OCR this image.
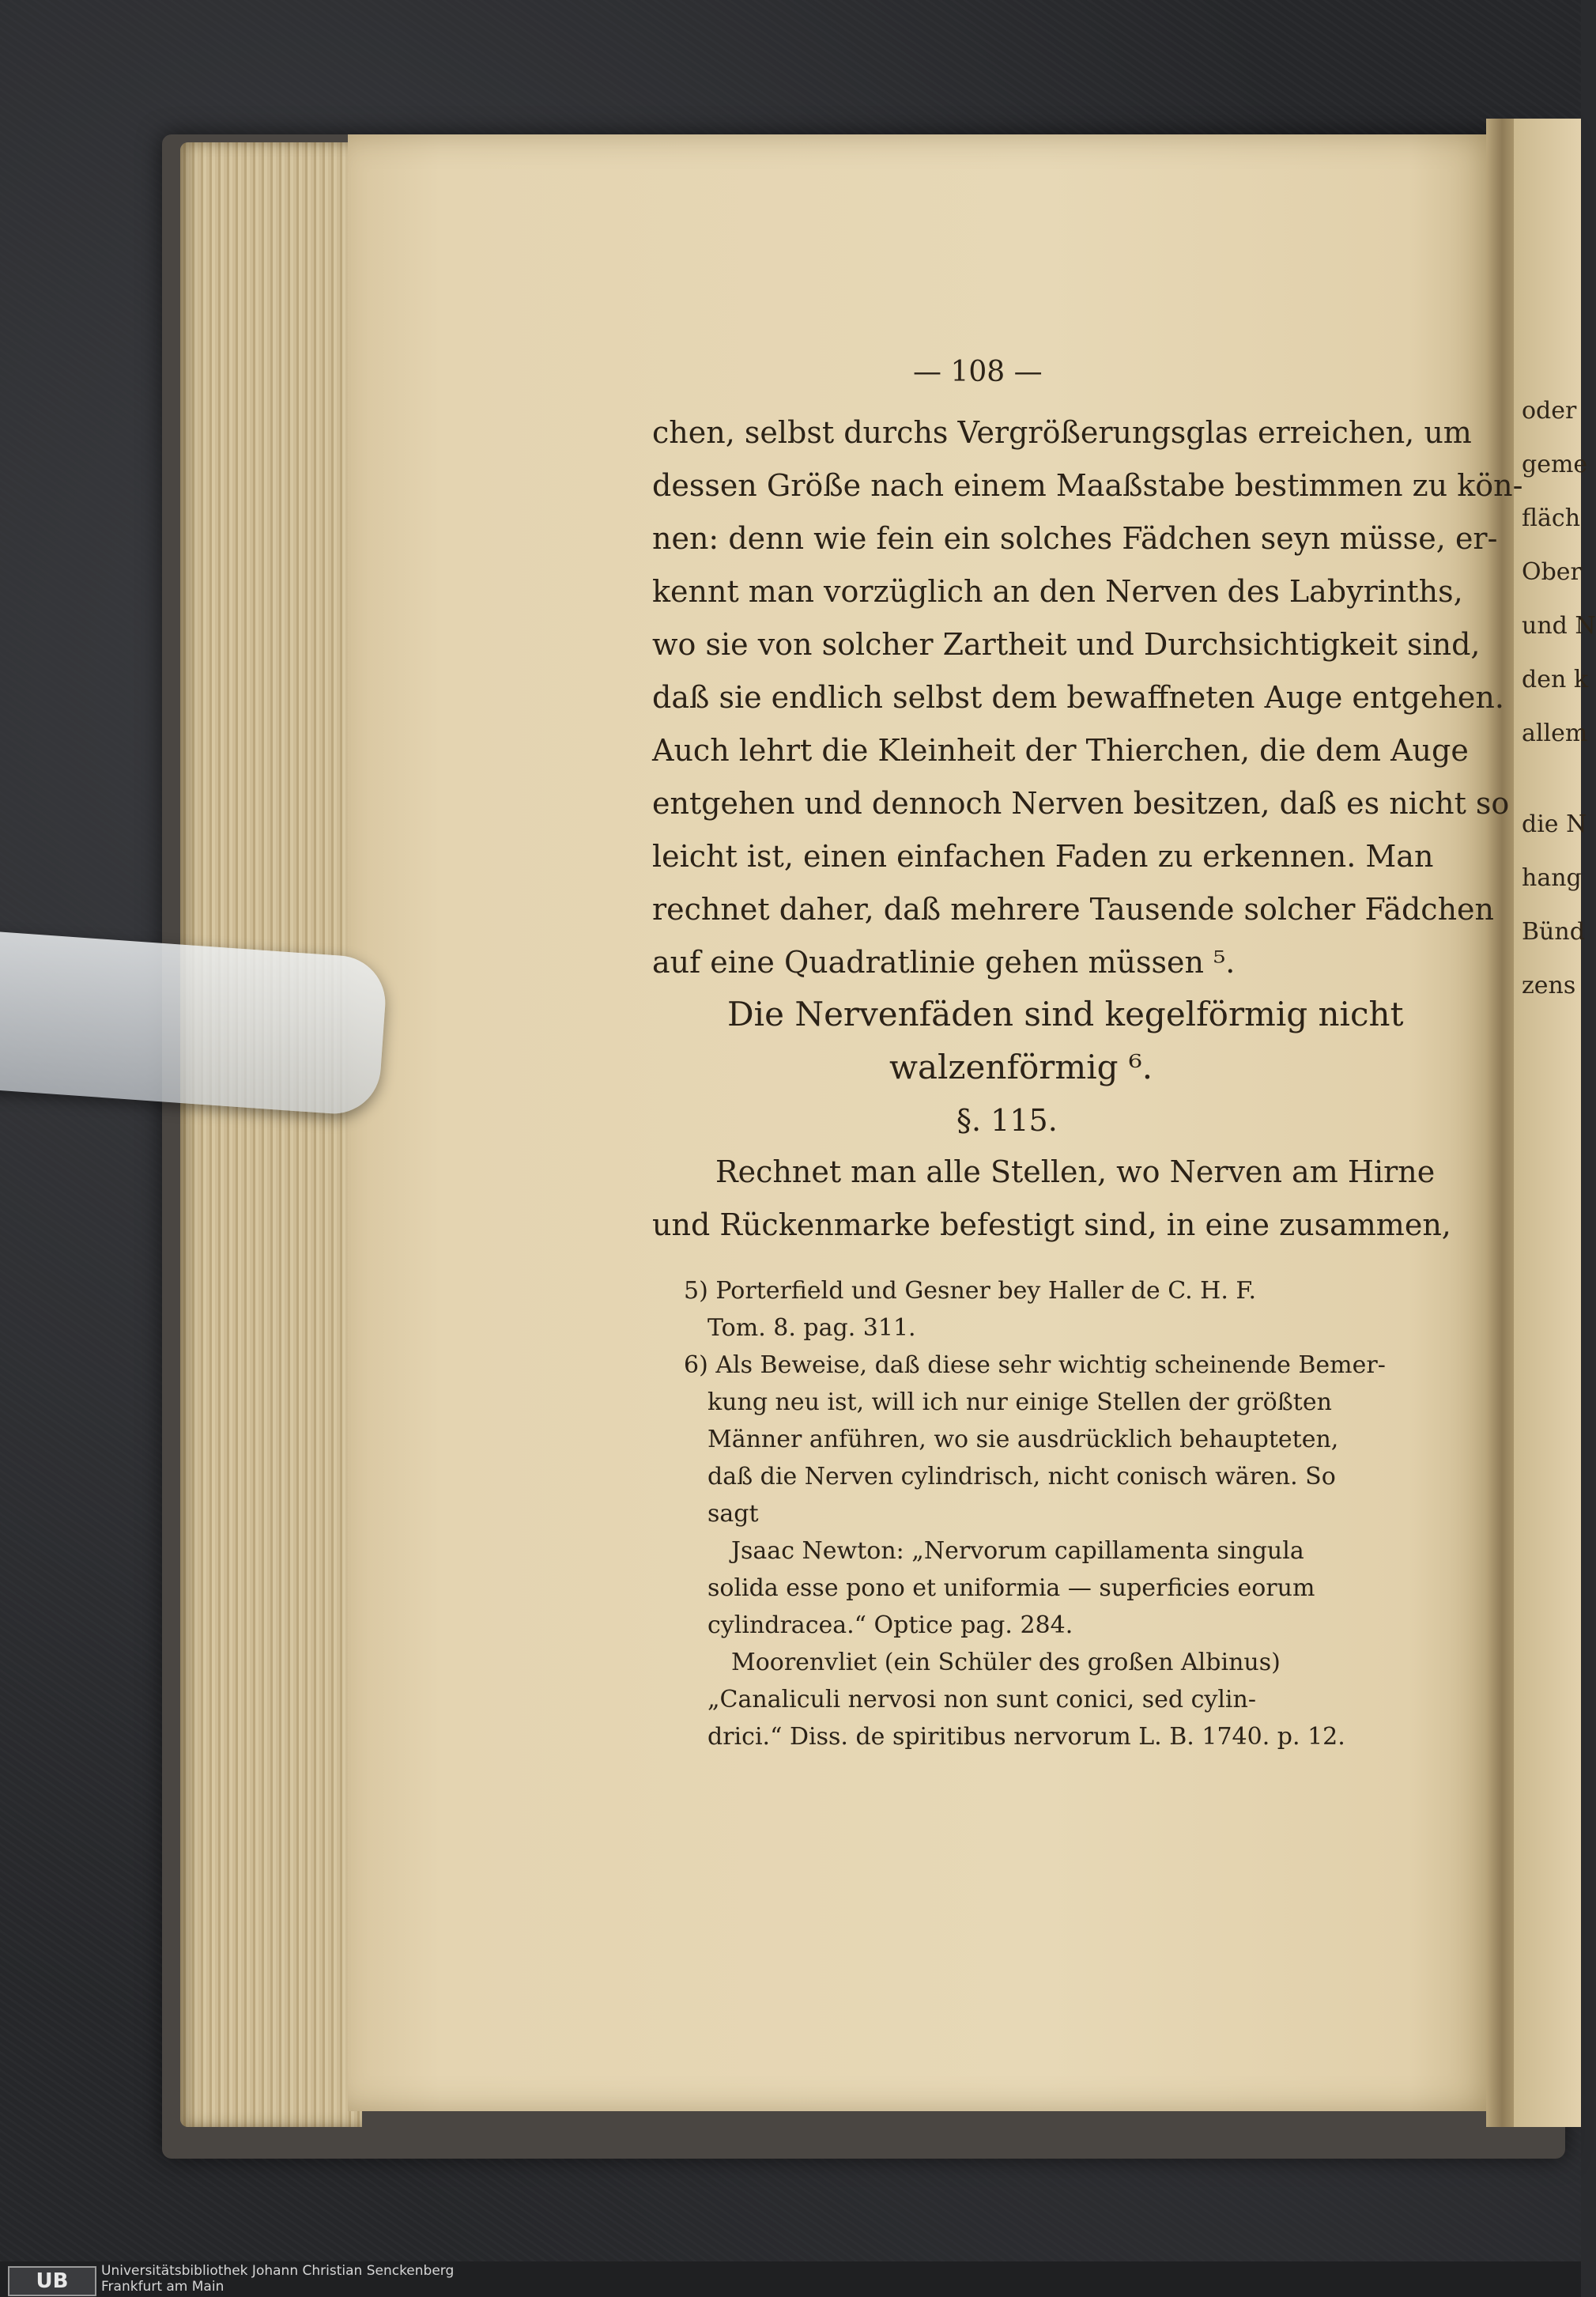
oder
geme
fläch
Ober
und N
den k
allem
die N
hang
Bünd
zens
— 108 —
chen, selbst durchs Vergrößerungsglas erreichen, um
dessen Größe nach einem Maaßstabe bestimmen zu kön-
nen: denn wie fein ein solches Fädchen seyn müsse, er-
kennt man vorzüglich an den Nerven des Labyrinths,
wo sie von solcher Zartheit und Durchsichtigkeit sind,
daß sie endlich selbst dem bewaffneten Auge entgehen.
Auch lehrt die Kleinheit der Thierchen, die dem Auge
entgehen und dennoch Nerven besitzen, daß es nicht so
leicht ist, einen einfachen Faden zu erkennen. Man
rechnet daher, daß mehrere Tausende solcher Fädchen
auf eine Quadratlinie gehen müssen ⁵.
Die Nervenfäden sind kegelförmig nicht
walzenförmig ⁶.
§. 115.
Rechnet man alle Stellen, wo Nerven am Hirne
und Rückenmarke befestigt sind, in eine zusammen,
5) Porterfield und Gesner bey Haller de C. H. F.
Tom. 8. pag. 311.
6) Als Beweise, daß diese sehr wichtig scheinende Bemer-
kung neu ist, will ich nur einige Stellen der größten
Männer anführen, wo sie ausdrücklich behaupteten,
daß die Nerven cylindrisch, nicht conisch wären. So
sagt
Jsaac Newton: „Nervorum capillamenta singula
solida esse pono et uniformia — superficies eorum
cylindracea.“ Optice pag. 284.
Moorenvliet (ein Schüler des großen Albinus)
„Canaliculi nervosi non sunt conici, sed cylin-
drici.“ Diss. de spiritibus nervorum L. B. 1740. p. 12.
UB	Universitätsbibliothek Johann Christian Senckenberg
Frankfurt am Main
